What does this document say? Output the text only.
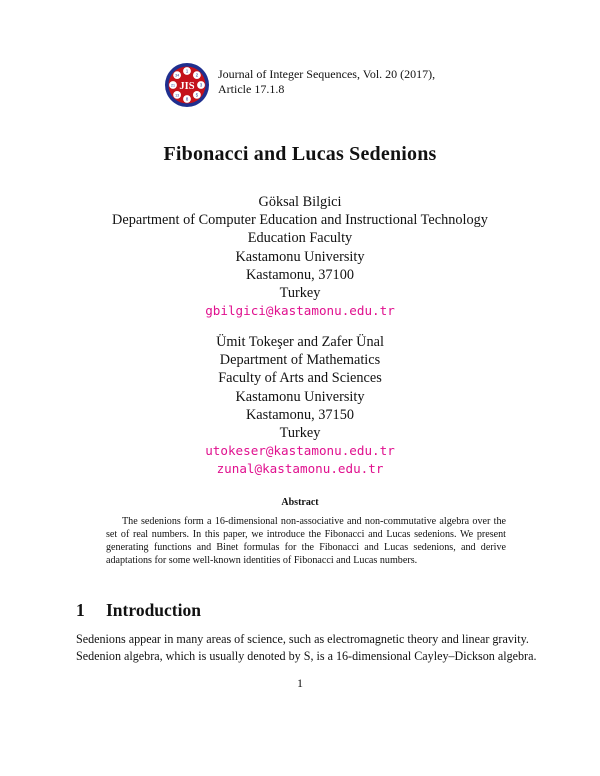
1
2
3
5
8
13
21
34
JIS
Journal of Integer Sequences, Vol. 20 (2017),
Article 17.1.8
Fibonacci and Lucas Sedenions
Göksal Bilgici
Department of Computer Education and Instructional Technology
Education Faculty
Kastamonu University
Kastamonu, 37100
Turkey
gbilgici@kastamonu.edu.tr
Ümit Tokeşer and Zafer Ünal
Department of Mathematics
Faculty of Arts and Sciences
Kastamonu University
Kastamonu, 37150
Turkey
utokeser@kastamonu.edu.tr
zunal@kastamonu.edu.tr
Abstract
The sedenions form a 16-dimensional non-associative and non-commutative algebra over the set of real numbers. In this paper, we introduce the Fibonacci and Lucas sedenions. We present generating functions and Binet formulas for the Fibonacci and Lucas sedenions, and derive adaptations for some well-known identities of Fibonacci and Lucas numbers.
1 Introduction
Sedenions appear in many areas of science, such as electromagnetic theory and linear gravity.
Sedenion algebra, which is usually denoted by S, is a 16-dimensional Cayley–Dickson algebra.
1
